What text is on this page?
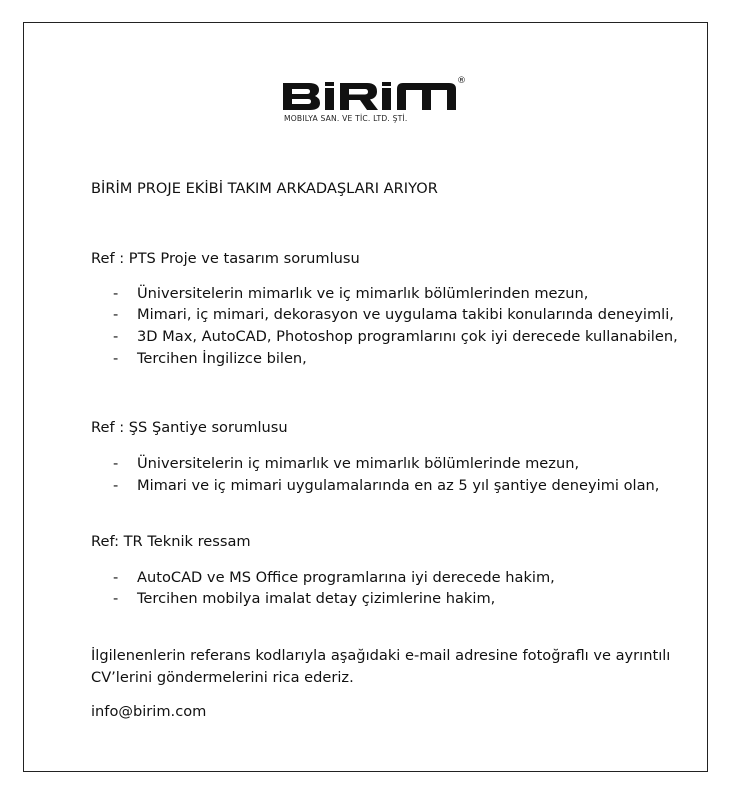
®
MOBILYA SAN. VE TİC. LTD. ŞTİ.
BİRİM PROJE EKİBİ TAKIM ARKADAŞLARI ARIYOR
Ref : PTS Proje ve tasarım sorumlusu
- Üniversitelerin mimarlık ve iç mimarlık bölümlerinden mezun,
- Mimari, iç mimari, dekorasyon ve uygulama takibi konularında deneyimli,
- 3D Max, AutoCAD, Photoshop programlarını çok iyi derecede kullanabilen,
- Tercihen İngilizce bilen,
Ref : ŞS Şantiye sorumlusu
- Üniversitelerin iç mimarlık ve mimarlık bölümlerinde mezun,
- Mimari ve iç mimari uygulamalarında en az 5 yıl şantiye deneyimi olan,
Ref: TR Teknik ressam
- AutoCAD ve MS Office programlarına iyi derecede hakim,
- Tercihen mobilya imalat detay çizimlerine hakim,
İlgilenenlerin referans kodlarıyla aşağıdaki e-mail adresine fotoğraflı ve ayrıntılı
CV’lerini göndermelerini rica ederiz.
info@birim.com
